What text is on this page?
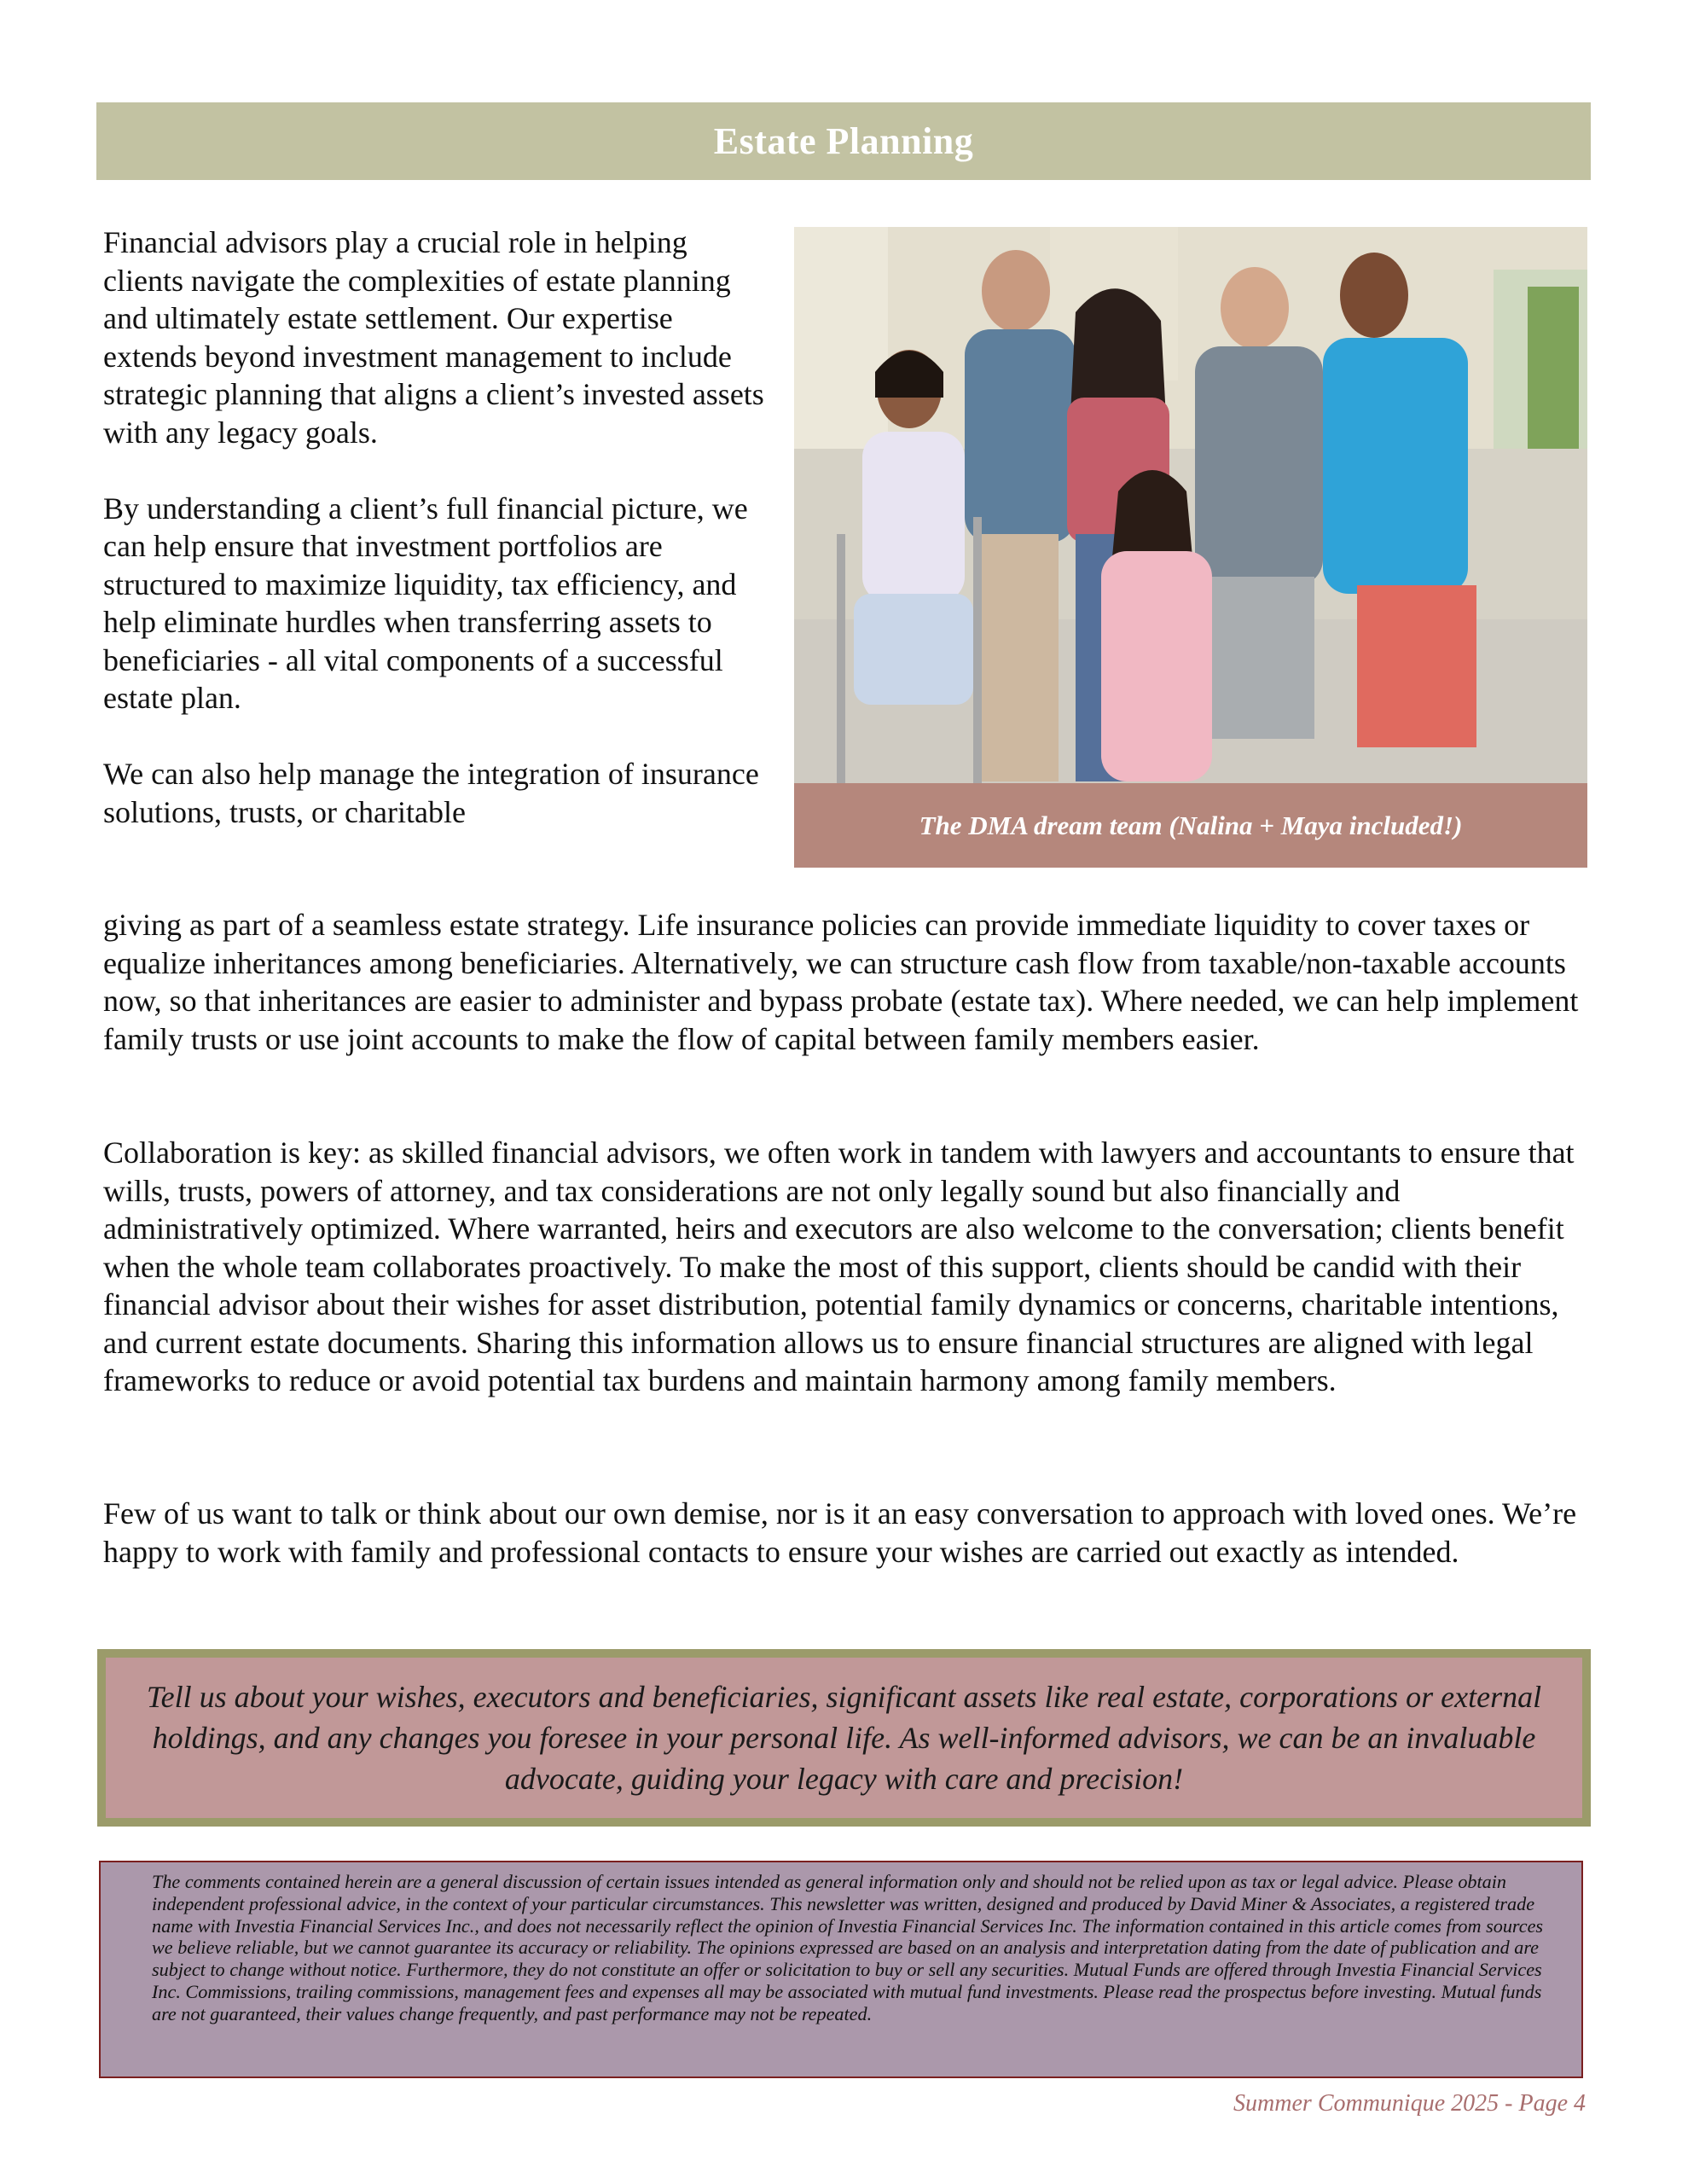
Estate Planning
The DMA dream team (Nalina + Maya included!)

Financial advisors play a crucial role in helping clients navigate the complexities of estate planning and ultimately estate settlement. Our expertise extends beyond investment management to include strategic planning that aligns a client’s invested assets with any legacy goals.

By understanding a client’s full financial picture, we can help ensure that investment portfolios are structured to maximize liquidity, tax efficiency, and help eliminate hurdles when transferring assets to beneficiaries - all vital components of a successful estate plan.

We can also help manage the integration of insurance solutions, trusts, or charitable

giving as part of a seamless estate strategy. Life insurance policies can provide immediate liquidity to cover taxes or equalize inheritances among beneficiaries. Alternatively, we can structure cash flow from taxable/non-taxable accounts now, so that inheritances are easier to administer and bypass probate (estate tax). Where needed, we can help implement family trusts or use joint accounts to make the flow of capital between family members easier.

Collaboration is key: as skilled financial advisors, we often work in tandem with lawyers and accountants to ensure that wills, trusts, powers of attorney, and tax considerations are not only legally sound but also financially and administratively optimized. Where warranted, heirs and executors are also welcome to the conversation; clients benefit when the whole team collaborates proactively. To make the most of this support, clients should be candid with their financial advisor about their wishes for asset distribution, potential family dynamics or concerns, charitable intentions, and current estate documents. Sharing this information allows us to ensure financial structures are aligned with legal frameworks to reduce or avoid potential tax burdens and maintain harmony among family members.

Few of us want to talk or think about our own demise, nor is it an easy conversation to approach with loved ones. We’re happy to work with family and professional contacts to ensure your wishes are carried out exactly as intended.

Tell us about your wishes, executors and beneficiaries, significant assets like real estate, corporations or external holdings, and any changes you foresee in your personal life. As well-informed advisors, we can be an invaluable advocate, guiding your legacy with care and precision!

The comments contained herein are a general discussion of certain issues intended as general information only and should not be relied upon as tax or legal advice. Please obtain independent professional advice, in the context of your particular circumstances. This newsletter was written, designed and produced by David Miner & Associates, a registered trade name with Investia Financial Services Inc., and does not necessarily reflect the opinion of Investia Financial Services Inc. The information contained in this article comes from sources we believe reliable, but we cannot guarantee its accuracy or reliability. The opinions expressed are based on an analysis and interpretation dating from the date of publication and are subject to change without notice. Furthermore, they do not constitute an offer or solicitation to buy or sell any securities. Mutual Funds are offered through Investia Financial Services Inc. Commissions, trailing commissions, management fees and expenses all may be associated with mutual fund investments. Please read the prospectus before investing. Mutual funds are not guaranteed, their values change frequently, and past performance may not be repeated.

Summer Communique 2025 - Page 4
